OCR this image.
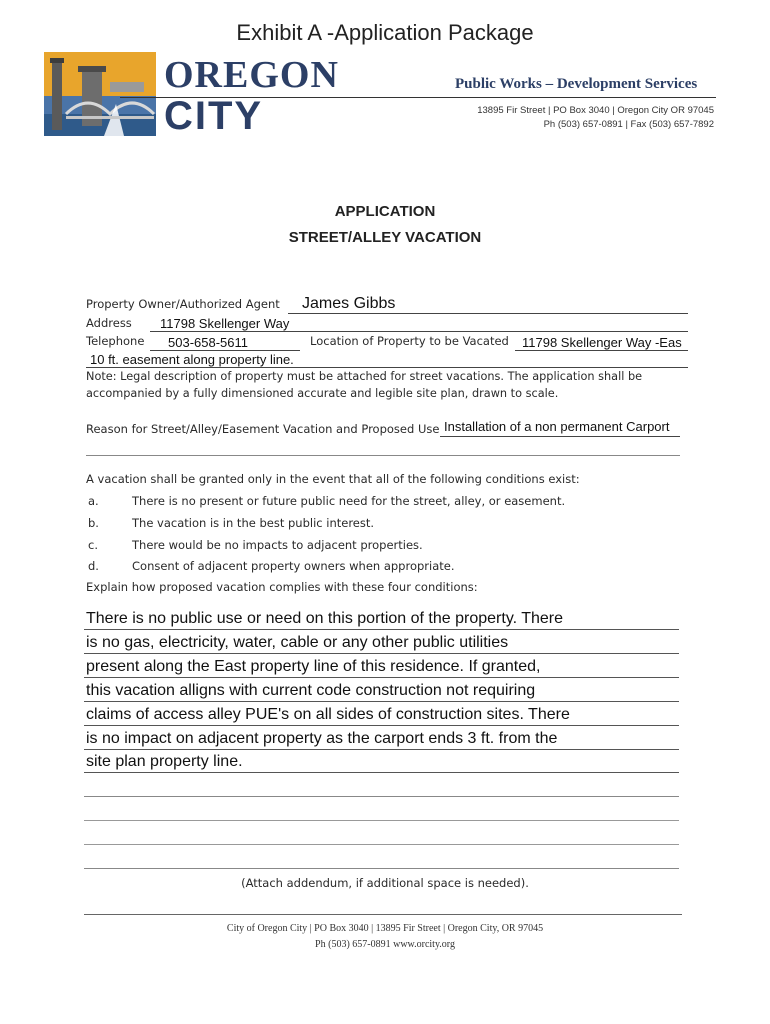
Exhibit A -Application Package
OREGON
CITY
Public Works – Development Services
13895 Fir Street | PO Box 3040 | Oregon City OR 97045
Ph (503) 657-0891 | Fax (503) 657-7892
APPLICATION
STREET/ALLEY VACATION
Property Owner/Authorized Agent James Gibbs
Address 11798 Skellenger Way
Telephone 503-658-5611	Location of Property to be Vacated 11798 Skellenger Way -Eas
10 ft. easement along property line.
Note: Legal description of property must be attached for street vacations. The application shall be
accompanied by a fully dimensioned accurate and legible site plan, drawn to scale.
Reason for Street/Alley/Easement Vacation and Proposed Use Installation of a non permanent Carport
A vacation shall be granted only in the event that all of the following conditions exist:
a.	There is no present or future public need for the street, alley, or easement.
b.	The vacation is in the best public interest.
c.	There would be no impacts to adjacent properties.
d.	Consent of adjacent property owners when appropriate.
Explain how proposed vacation complies with these four conditions:
There is no public use or need on this portion of the property. There
is no gas, electricity, water, cable or any other public utilities
present along the East property line of this residence. If granted,
this vacation alligns with current code construction not requiring
claims of access alley PUE's on all sides of construction sites. There
is no impact on adjacent property as the carport ends 3 ft. from the
site plan property line.
(Attach addendum, if additional space is needed).
City of Oregon City | PO Box 3040 | 13895 Fir Street | Oregon City, OR 97045
Ph (503) 657-0891 www.orcity.org
